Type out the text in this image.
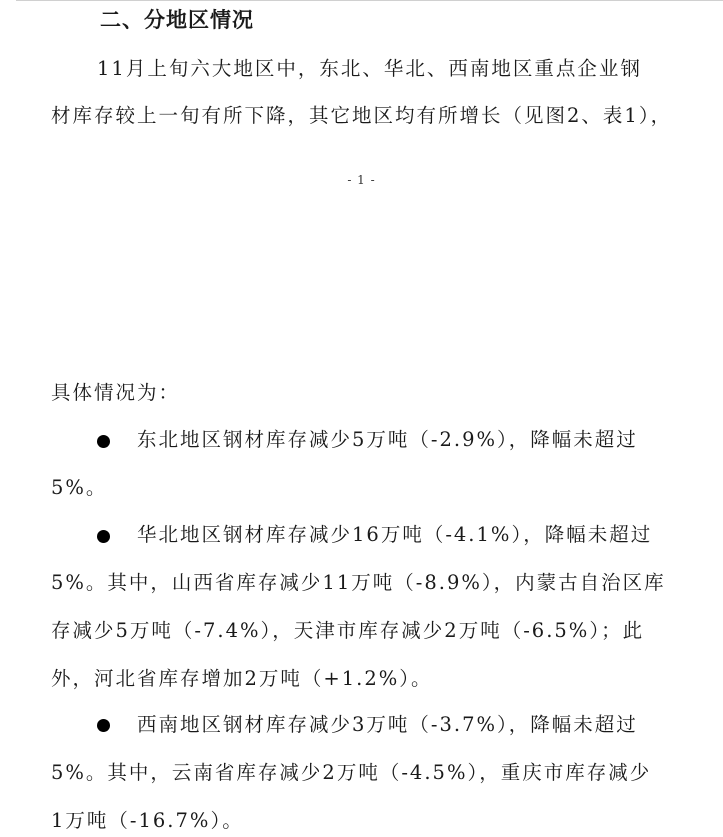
二、分地区情况
11月上旬六大地区中，东北、华北、西南地区重点企业钢
材库存较上一旬有所下降，其它地区均有所增长（见图2、表1），
- 1 -
具体情况为：
东北地区钢材库存减少5万吨（-2.9%），降幅未超过
5%。
华北地区钢材库存减少16万吨（-4.1%），降幅未超过
5%。其中，山西省库存减少11万吨（-8.9%），内蒙古自治区库
存减少5万吨（-7.4%），天津市库存减少2万吨（-6.5%）；此
外，河北省库存增加2万吨（+1.2%）。
西南地区钢材库存减少3万吨（-3.7%），降幅未超过
5%。其中，云南省库存减少2万吨（-4.5%），重庆市库存减少
1万吨（-16.7%）。
